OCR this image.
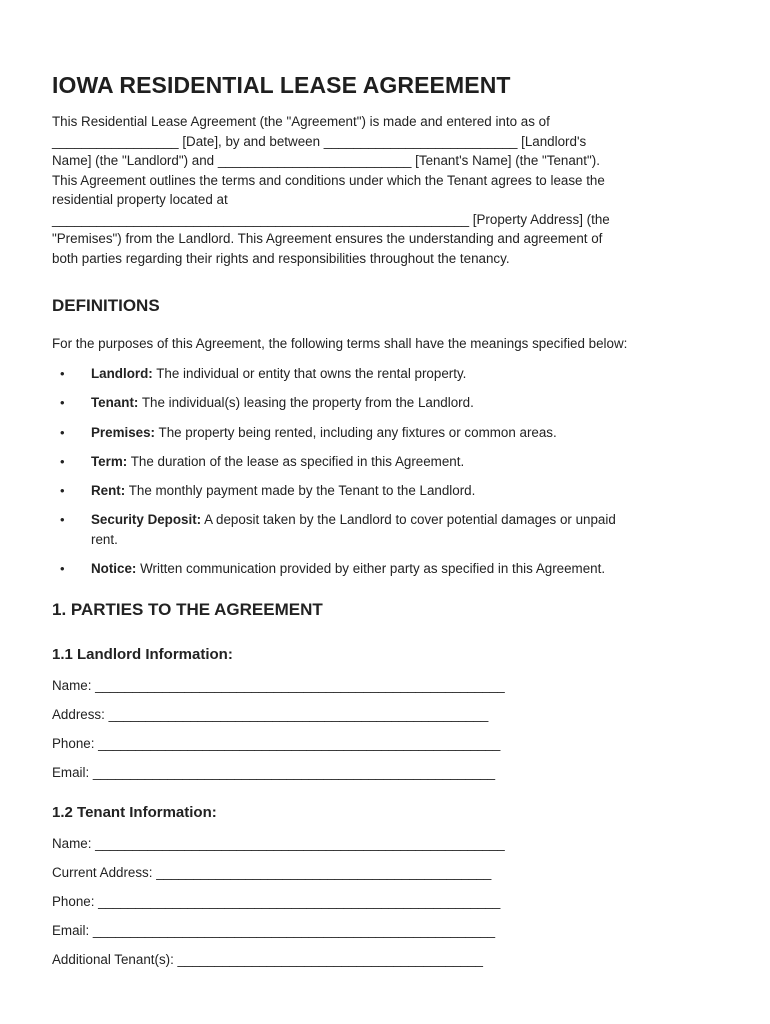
IOWA RESIDENTIAL LEASE AGREEMENT
This Residential Lease Agreement (the "Agreement") is made and entered into as of
_________________ [Date], by and between __________________________ [Landlord's
Name] (the "Landlord") and __________________________ [Tenant's Name] (the "Tenant").
This Agreement outlines the terms and conditions under which the Tenant agrees to lease the
residential property located at
________________________________________________________ [Property Address] (the
"Premises") from the Landlord. This Agreement ensures the understanding and agreement of
both parties regarding their rights and responsibilities throughout the tenancy.
DEFINITIONS
For the purposes of this Agreement, the following terms shall have the meanings specified below:
• Landlord: The individual or entity that owns the rental property.
• Tenant: The individual(s) leasing the property from the Landlord.
• Premises: The property being rented, including any fixtures or common areas.
• Term: The duration of the lease as specified in this Agreement.
• Rent: The monthly payment made by the Tenant to the Landlord.
• Security Deposit: A deposit taken by the Landlord to cover potential damages or unpaid
rent.
• Notice: Written communication provided by either party as specified in this Agreement.
1. PARTIES TO THE AGREEMENT
1.1 Landlord Information:
Name: _______________________________________________________
Address: ___________________________________________________
Phone: ______________________________________________________
Email: ______________________________________________________
1.2 Tenant Information:
Name: _______________________________________________________
Current Address: _____________________________________________
Phone: ______________________________________________________
Email: ______________________________________________________
Additional Tenant(s): _________________________________________
